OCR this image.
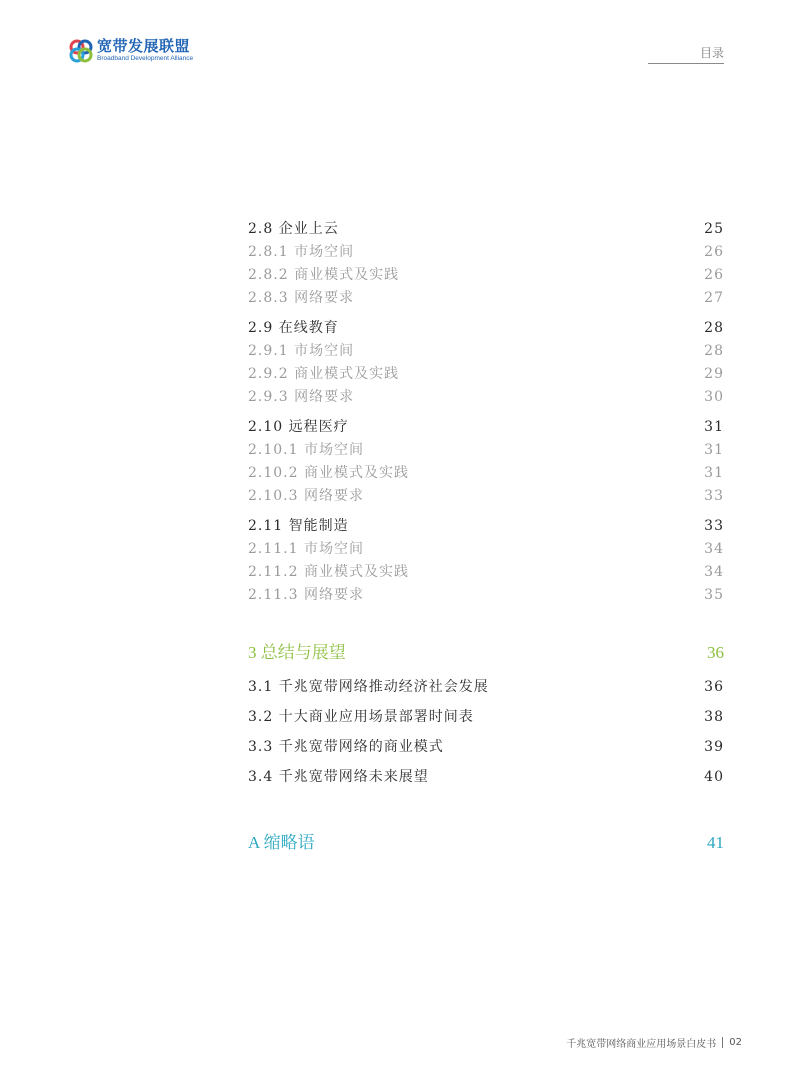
宽带发展联盟
Broadband Development Alliance	目录
2.8 企业上云	25
2.8.1 市场空间	26
2.8.2 商业模式及实践	26
2.8.3 网络要求	27
2.9 在线教育	28
2.9.1 市场空间	28
2.9.2 商业模式及实践	29
2.9.3 网络要求	30
2.10 远程医疗	31
2.10.1 市场空间	31
2.10.2 商业模式及实践	31
2.10.3 网络要求	33
2.11 智能制造	33
2.11.1 市场空间	34
2.11.2 商业模式及实践	34
2.11.3 网络要求	35
3 总结与展望	36
3.1 千兆宽带网络推动经济社会发展	36
3.2 十大商业应用场景部署时间表	38
3.3 千兆宽带网络的商业模式	39
3.4 千兆宽带网络未来展望	40
A 缩略语	41
千兆宽带网络商业应用场景白皮书 02
